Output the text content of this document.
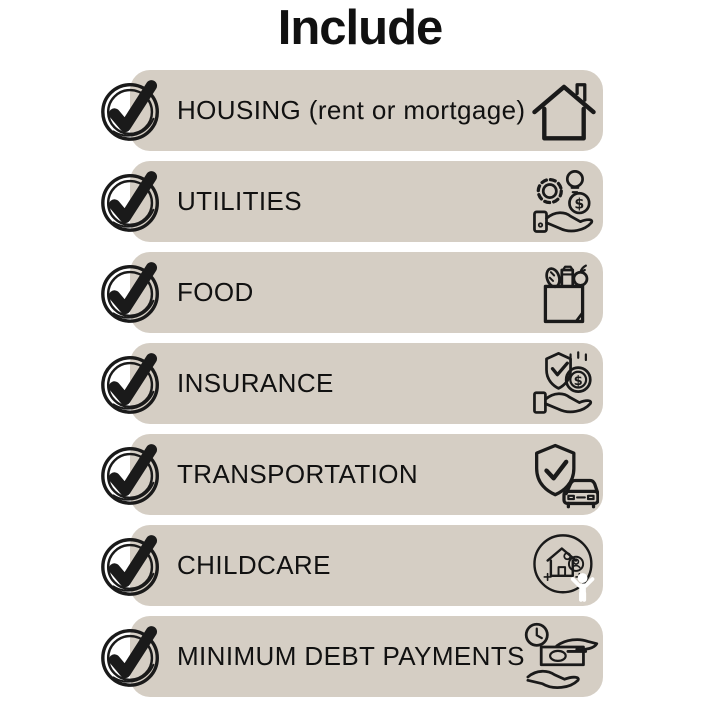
Include
HOUSING (rent or mortgage)
UTILITIES	$
FOOD
INSURANCE	$
TRANSPORTATION
CHILDCARE
MINIMUM DEBT PAYMENTS
